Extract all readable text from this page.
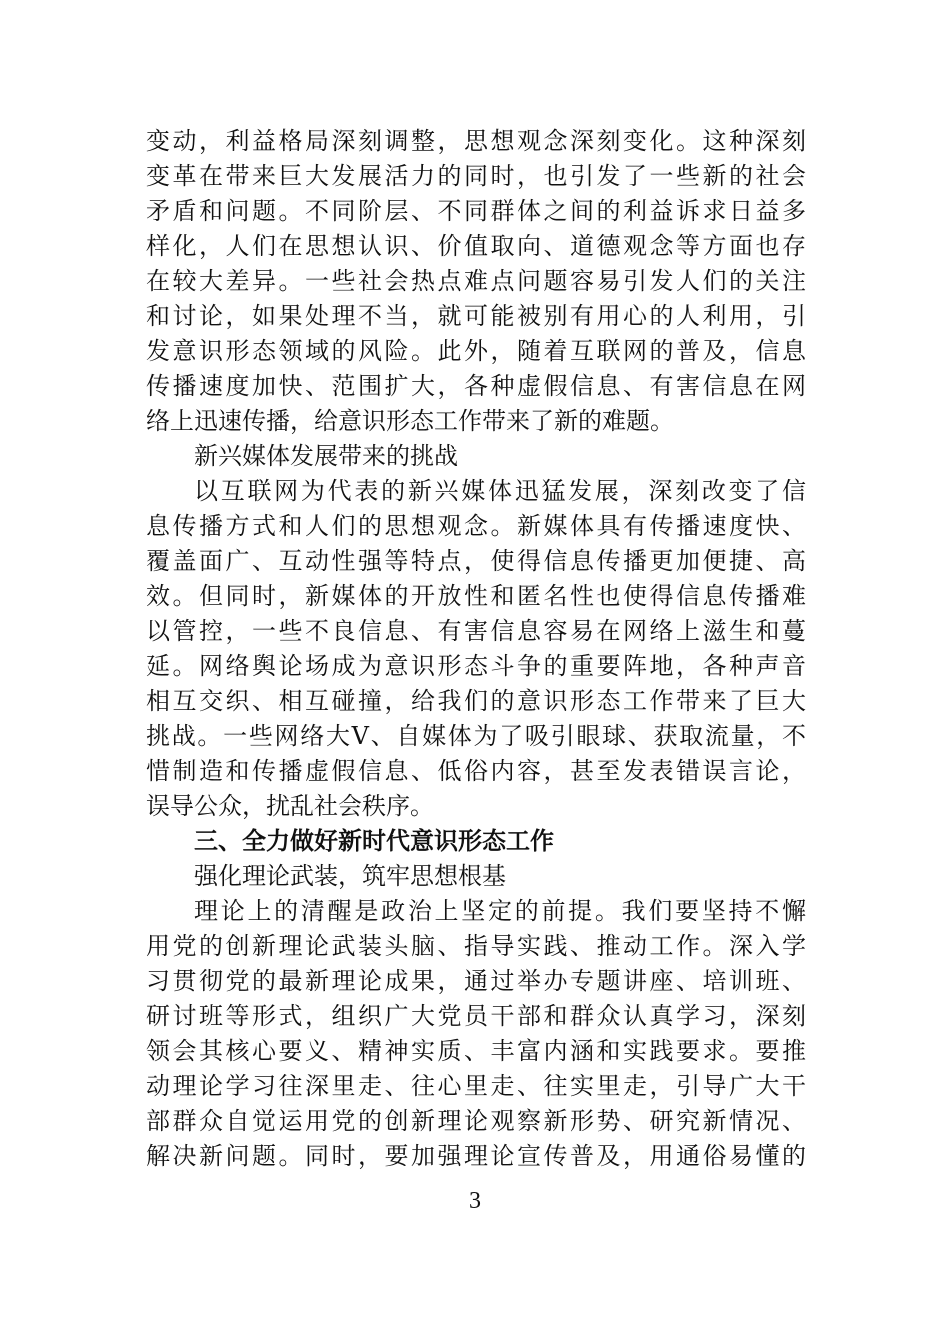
变动，利益格局深刻调整，思想观念深刻变化。这种深刻
变革在带来巨大发展活力的同时，也引发了一些新的社会
矛盾和问题。不同阶层、不同群体之间的利益诉求日益多
样化，人们在思想认识、价值取向、道德观念等方面也存
在较大差异。一些社会热点难点问题容易引发人们的关注
和讨论，如果处理不当，就可能被别有用心的人利用，引
发意识形态领域的风险。此外，随着互联网的普及，信息
传播速度加快、范围扩大，各种虚假信息、有害信息在网
络上迅速传播，给意识形态工作带来了新的难题。
新兴媒体发展带来的挑战
以互联网为代表的新兴媒体迅猛发展，深刻改变了信
息传播方式和人们的思想观念。新媒体具有传播速度快、
覆盖面广、互动性强等特点，使得信息传播更加便捷、高
效。但同时，新媒体的开放性和匿名性也使得信息传播难
以管控，一些不良信息、有害信息容易在网络上滋生和蔓
延。网络舆论场成为意识形态斗争的重要阵地，各种声音
相互交织、相互碰撞，给我们的意识形态工作带来了巨大
挑战。一些网络大V、自媒体为了吸引眼球、获取流量，不
惜制造和传播虚假信息、低俗内容，甚至发表错误言论，
误导公众，扰乱社会秩序。
三、全力做好新时代意识形态工作
强化理论武装，筑牢思想根基
理论上的清醒是政治上坚定的前提。我们要坚持不懈
用党的创新理论武装头脑、指导实践、推动工作。深入学
习贯彻党的最新理论成果，通过举办专题讲座、培训班、
研讨班等形式，组织广大党员干部和群众认真学习，深刻
领会其核心要义、精神实质、丰富内涵和实践要求。要推
动理论学习往深里走、往心里走、往实里走，引导广大干
部群众自觉运用党的创新理论观察新形势、研究新情况、
解决新问题。同时，要加强理论宣传普及，用通俗易懂的
3
